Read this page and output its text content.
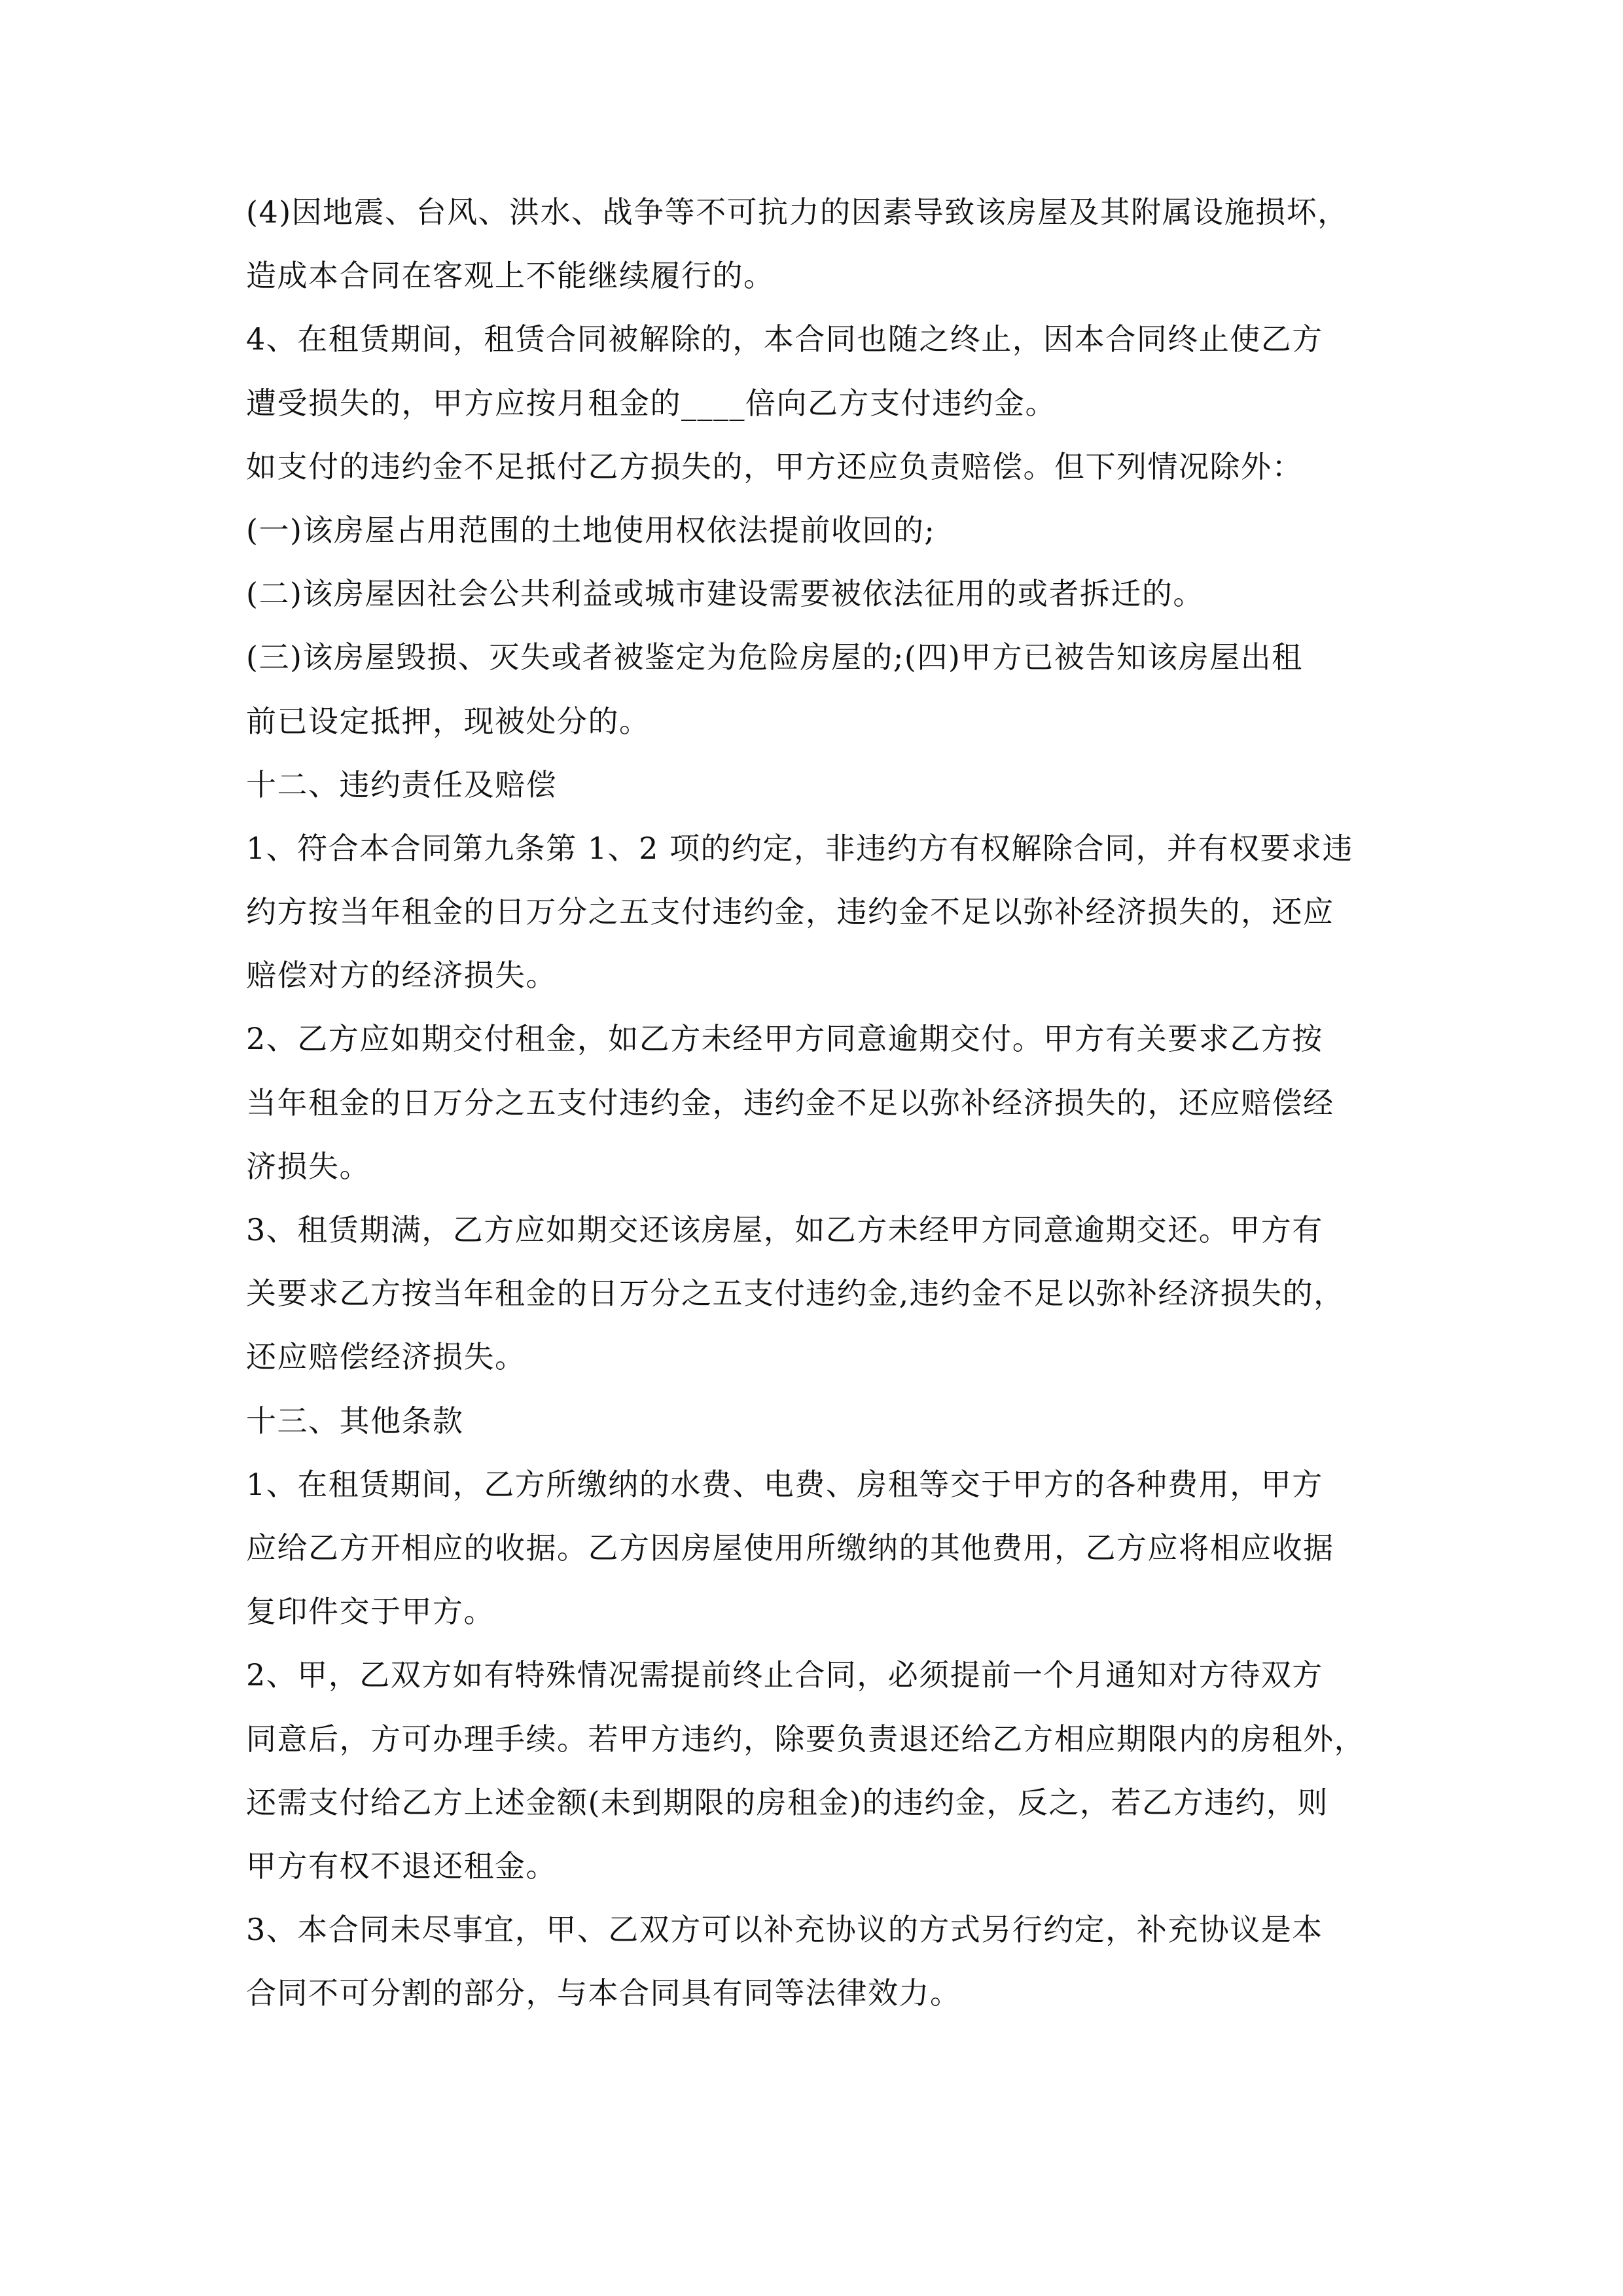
(4)因地震、台风、洪水、战争等不可抗力的因素导致该房屋及其附属设施损坏，
造成本合同在客观上不能继续履行的。
4、在租赁期间，租赁合同被解除的，本合同也随之终止，因本合同终止使乙方
遭受损失的，甲方应按月租金的____倍向乙方支付违约金。
如支付的违约金不足抵付乙方损失的，甲方还应负责赔偿。但下列情况除外：
(一)该房屋占用范围的土地使用权依法提前收回的;
(二)该房屋因社会公共利益或城市建设需要被依法征用的或者拆迁的。
(三)该房屋毁损、灭失或者被鉴定为危险房屋的;(四)甲方已被告知该房屋出租
前已设定抵押，现被处分的。
十二、违约责任及赔偿
1、符合本合同第九条第 1、2 项的约定，非违约方有权解除合同，并有权要求违
约方按当年租金的日万分之五支付违约金，违约金不足以弥补经济损失的，还应
赔偿对方的经济损失。
2、乙方应如期交付租金，如乙方未经甲方同意逾期交付。甲方有关要求乙方按
当年租金的日万分之五支付违约金，违约金不足以弥补经济损失的，还应赔偿经
济损失。
3、租赁期满，乙方应如期交还该房屋，如乙方未经甲方同意逾期交还。甲方有
关要求乙方按当年租金的日万分之五支付违约金,违约金不足以弥补经济损失的，
还应赔偿经济损失。
十三、其他条款
1、在租赁期间，乙方所缴纳的水费、电费、房租等交于甲方的各种费用，甲方
应给乙方开相应的收据。乙方因房屋使用所缴纳的其他费用，乙方应将相应收据
复印件交于甲方。
2、甲，乙双方如有特殊情况需提前终止合同，必须提前一个月通知对方待双方
同意后，方可办理手续。若甲方违约，除要负责退还给乙方相应期限内的房租外，
还需支付给乙方上述金额(未到期限的房租金)的违约金，反之，若乙方违约，则
甲方有权不退还租金。
3、本合同未尽事宜，甲、乙双方可以补充协议的方式另行约定，补充协议是本
合同不可分割的部分，与本合同具有同等法律效力。
